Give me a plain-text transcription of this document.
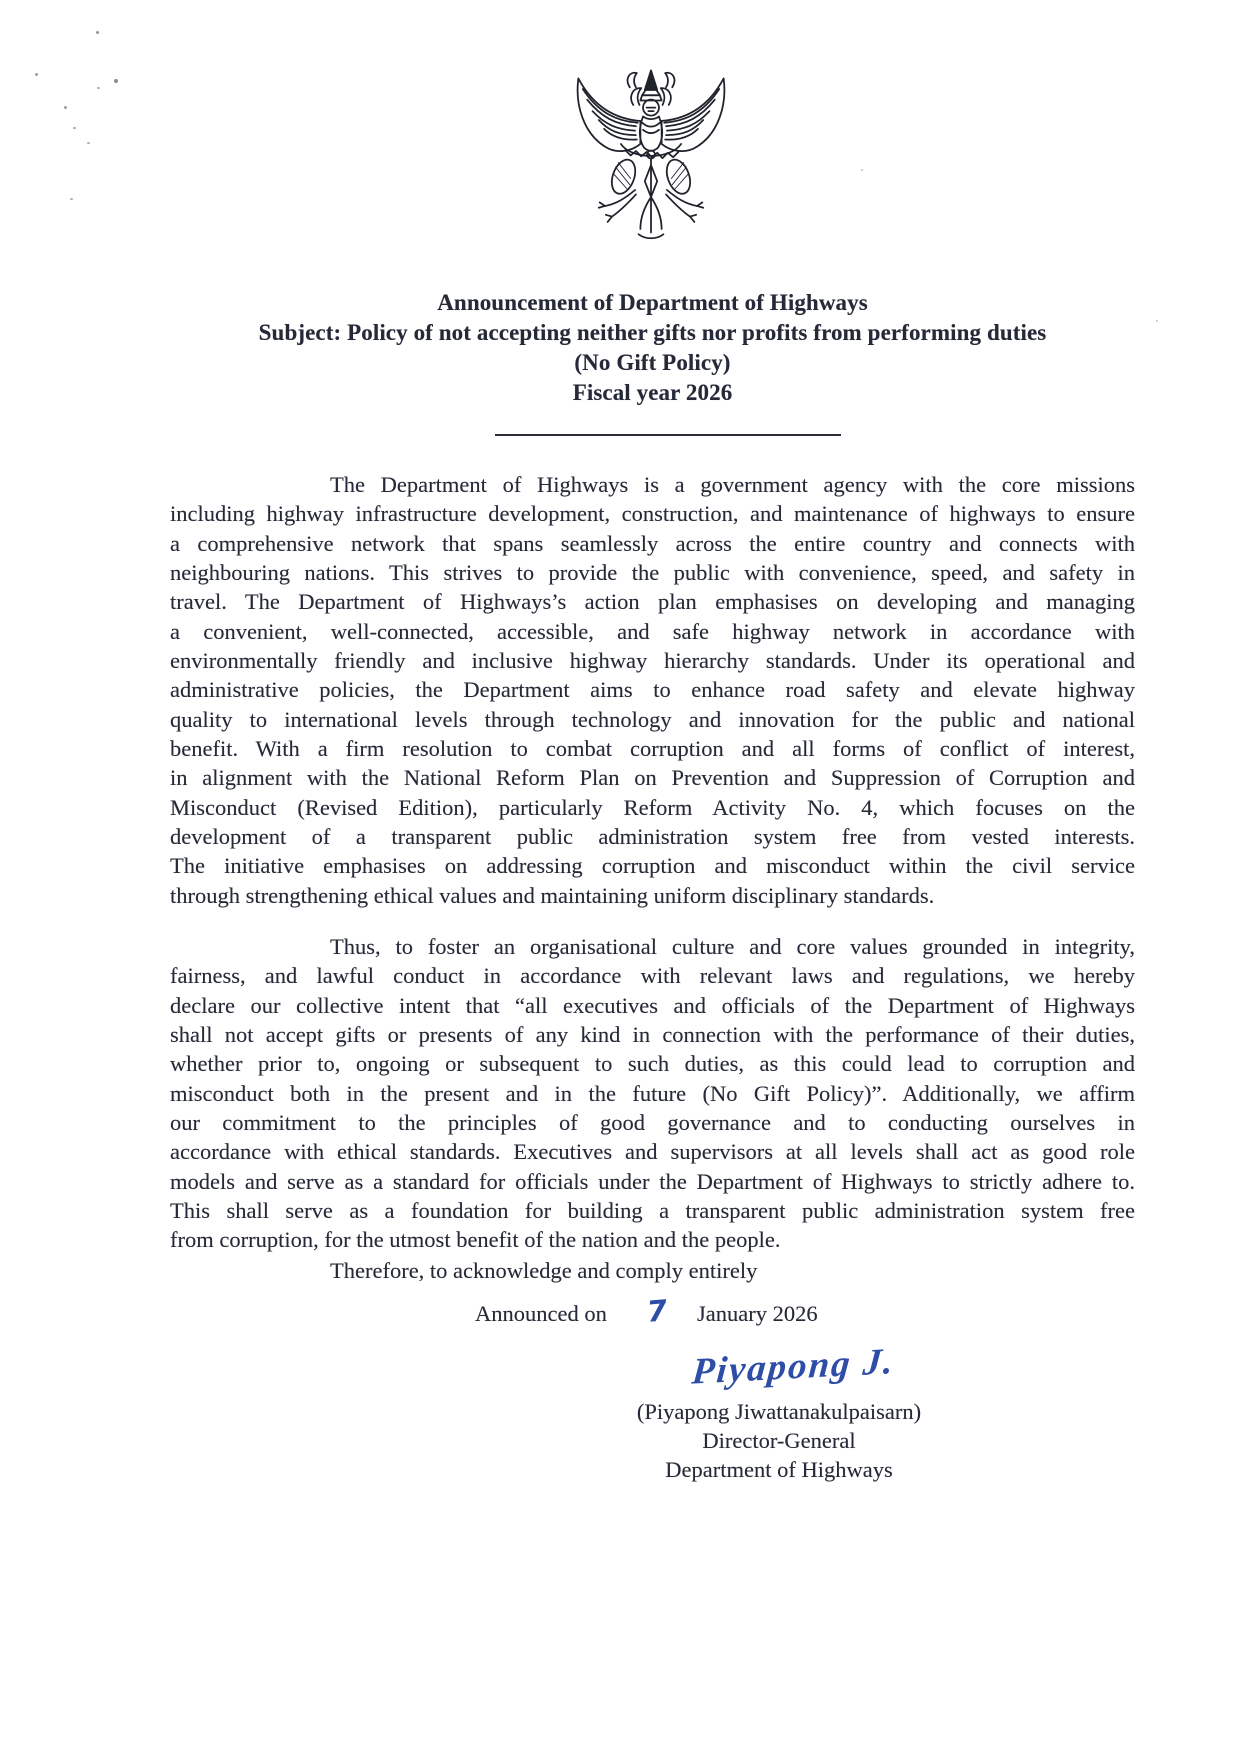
Announcement of Department of Highways
Subject: Policy of not accepting neither gifts nor profits from performing duties
(No Gift Policy)
Fiscal year 2026
The Department of Highways is a government agency with the core missions
including highway infrastructure development, construction, and maintenance of highways to ensure
a comprehensive network that spans seamlessly across the entire country and connects with
neighbouring nations. This strives to provide the public with convenience, speed, and safety in
travel. The Department of Highways’s action plan emphasises on developing and managing
a convenient, well-connected, accessible, and safe highway network in accordance with
environmentally friendly and inclusive highway hierarchy standards. Under its operational and
administrative policies, the Department aims to enhance road safety and elevate highway
quality to international levels through technology and innovation for the public and national
benefit. With a firm resolution to combat corruption and all forms of conflict of interest,
in alignment with the National Reform Plan on Prevention and Suppression of Corruption and
Misconduct (Revised Edition), particularly Reform Activity No. 4, which focuses on the
development of a transparent public administration system free from vested interests.
The initiative emphasises on addressing corruption and misconduct within the civil service
through strengthening ethical values and maintaining uniform disciplinary standards.
Thus, to foster an organisational culture and core values grounded in integrity,
fairness, and lawful conduct in accordance with relevant laws and regulations, we hereby
declare our collective intent that “all executives and officials of the Department of Highways
shall not accept gifts or presents of any kind in connection with the performance of their duties,
whether prior to, ongoing or subsequent to such duties, as this could lead to corruption and
misconduct both in the present and in the future (No Gift Policy)”. Additionally, we affirm
our commitment to the principles of good governance and to conducting ourselves in
accordance with ethical standards. Executives and supervisors at all levels shall act as good role
models and serve as a standard for officials under the Department of Highways to strictly adhere to.
This shall serve as a foundation for building a transparent public administration system free
from corruption, for the utmost benefit of the nation and the people.
Therefore, to acknowledge and comply entirely
Announced on 7 January 2026
Piyapong J.
(Piyapong Jiwattanakulpaisarn)
Director-General
Department of Highways
